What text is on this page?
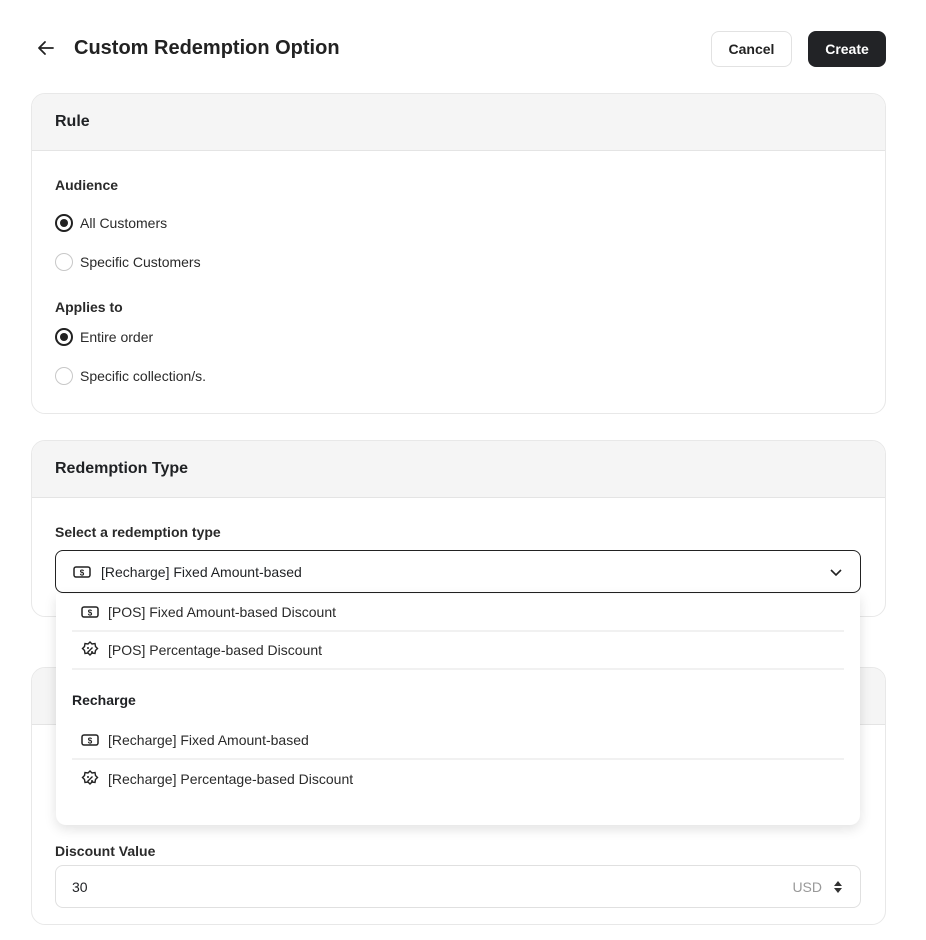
Custom Redemption Option	Cancel	Create
Rule
Audience
All Customers
Specific Customers
Applies to
Entire order
Specific collection/s.
Redemption Type
Select a redemption type
$ [Recharge] Fixed Amount-based
Discount Value
30	USD
$ [POS] Fixed Amount-based Discount
[POS] Percentage-based Discount
Recharge
$ [Recharge] Fixed Amount-based
[Recharge] Percentage-based Discount
